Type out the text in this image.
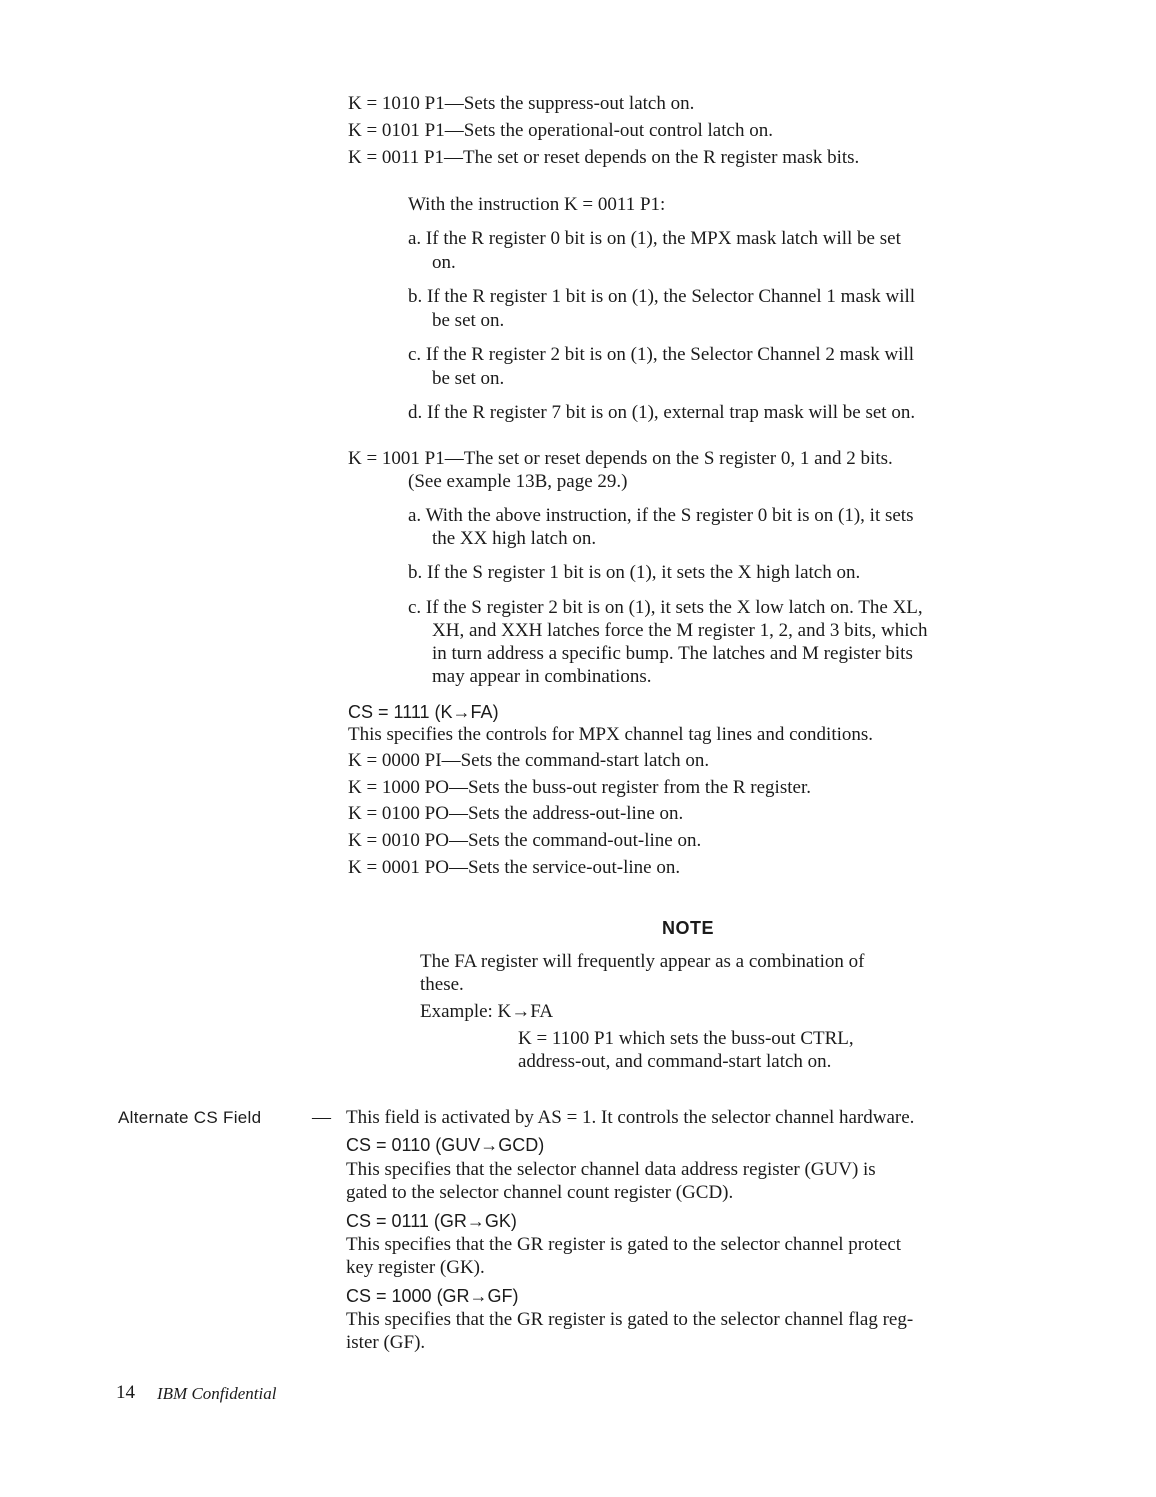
K = 1010 P1—Sets the suppress-out latch on.
K = 0101 P1—Sets the operational-out control latch on.
K = 0011 P1—The set or reset depends on the R register mask bits.
With the instruction K = 0011 P1:
a. If the R register 0 bit is on (1), the MPX mask latch will be set
on.
b. If the R register 1 bit is on (1), the Selector Channel 1 mask will
be set on.
c. If the R register 2 bit is on (1), the Selector Channel 2 mask will
be set on.
d. If the R register 7 bit is on (1), external trap mask will be set on.
K = 1001 P1—The set or reset depends on the S register 0, 1 and 2 bits.
(See example 13B, page 29.)
a. With the above instruction, if the S register 0 bit is on (1), it sets
the XX high latch on.
b. If the S register 1 bit is on (1), it sets the X high latch on.
c. If the S register 2 bit is on (1), it sets the X low latch on. The XL,
XH, and XXH latches force the M register 1, 2, and 3 bits, which
in turn address a specific bump. The latches and M register bits
may appear in combinations.
CS = 1111 (K→FA)
This specifies the controls for MPX channel tag lines and conditions.
K = 0000 PI—Sets the command-start latch on.
K = 1000 PO—Sets the buss-out register from the R register.
K = 0100 PO—Sets the address-out-line on.
K = 0010 PO—Sets the command-out-line on.
K = 0001 PO—Sets the service-out-line on.
NOTE
The FA register will frequently appear as a combination of
these.
Example: K→FA
K = 1100 P1 which sets the buss-out CTRL,
address-out, and command-start latch on.
Alternate CS Field	— This field is activated by AS = 1. It controls the selector channel hardware.
CS = 0110 (GUV→GCD)
This specifies that the selector channel data address register (GUV) is
gated to the selector channel count register (GCD).
CS = 0111 (GR→GK)
This specifies that the GR register is gated to the selector channel protect
key register (GK).
CS = 1000 (GR→GF)
This specifies that the GR register is gated to the selector channel flag reg-
ister (GF).
14 IBM Confidential
